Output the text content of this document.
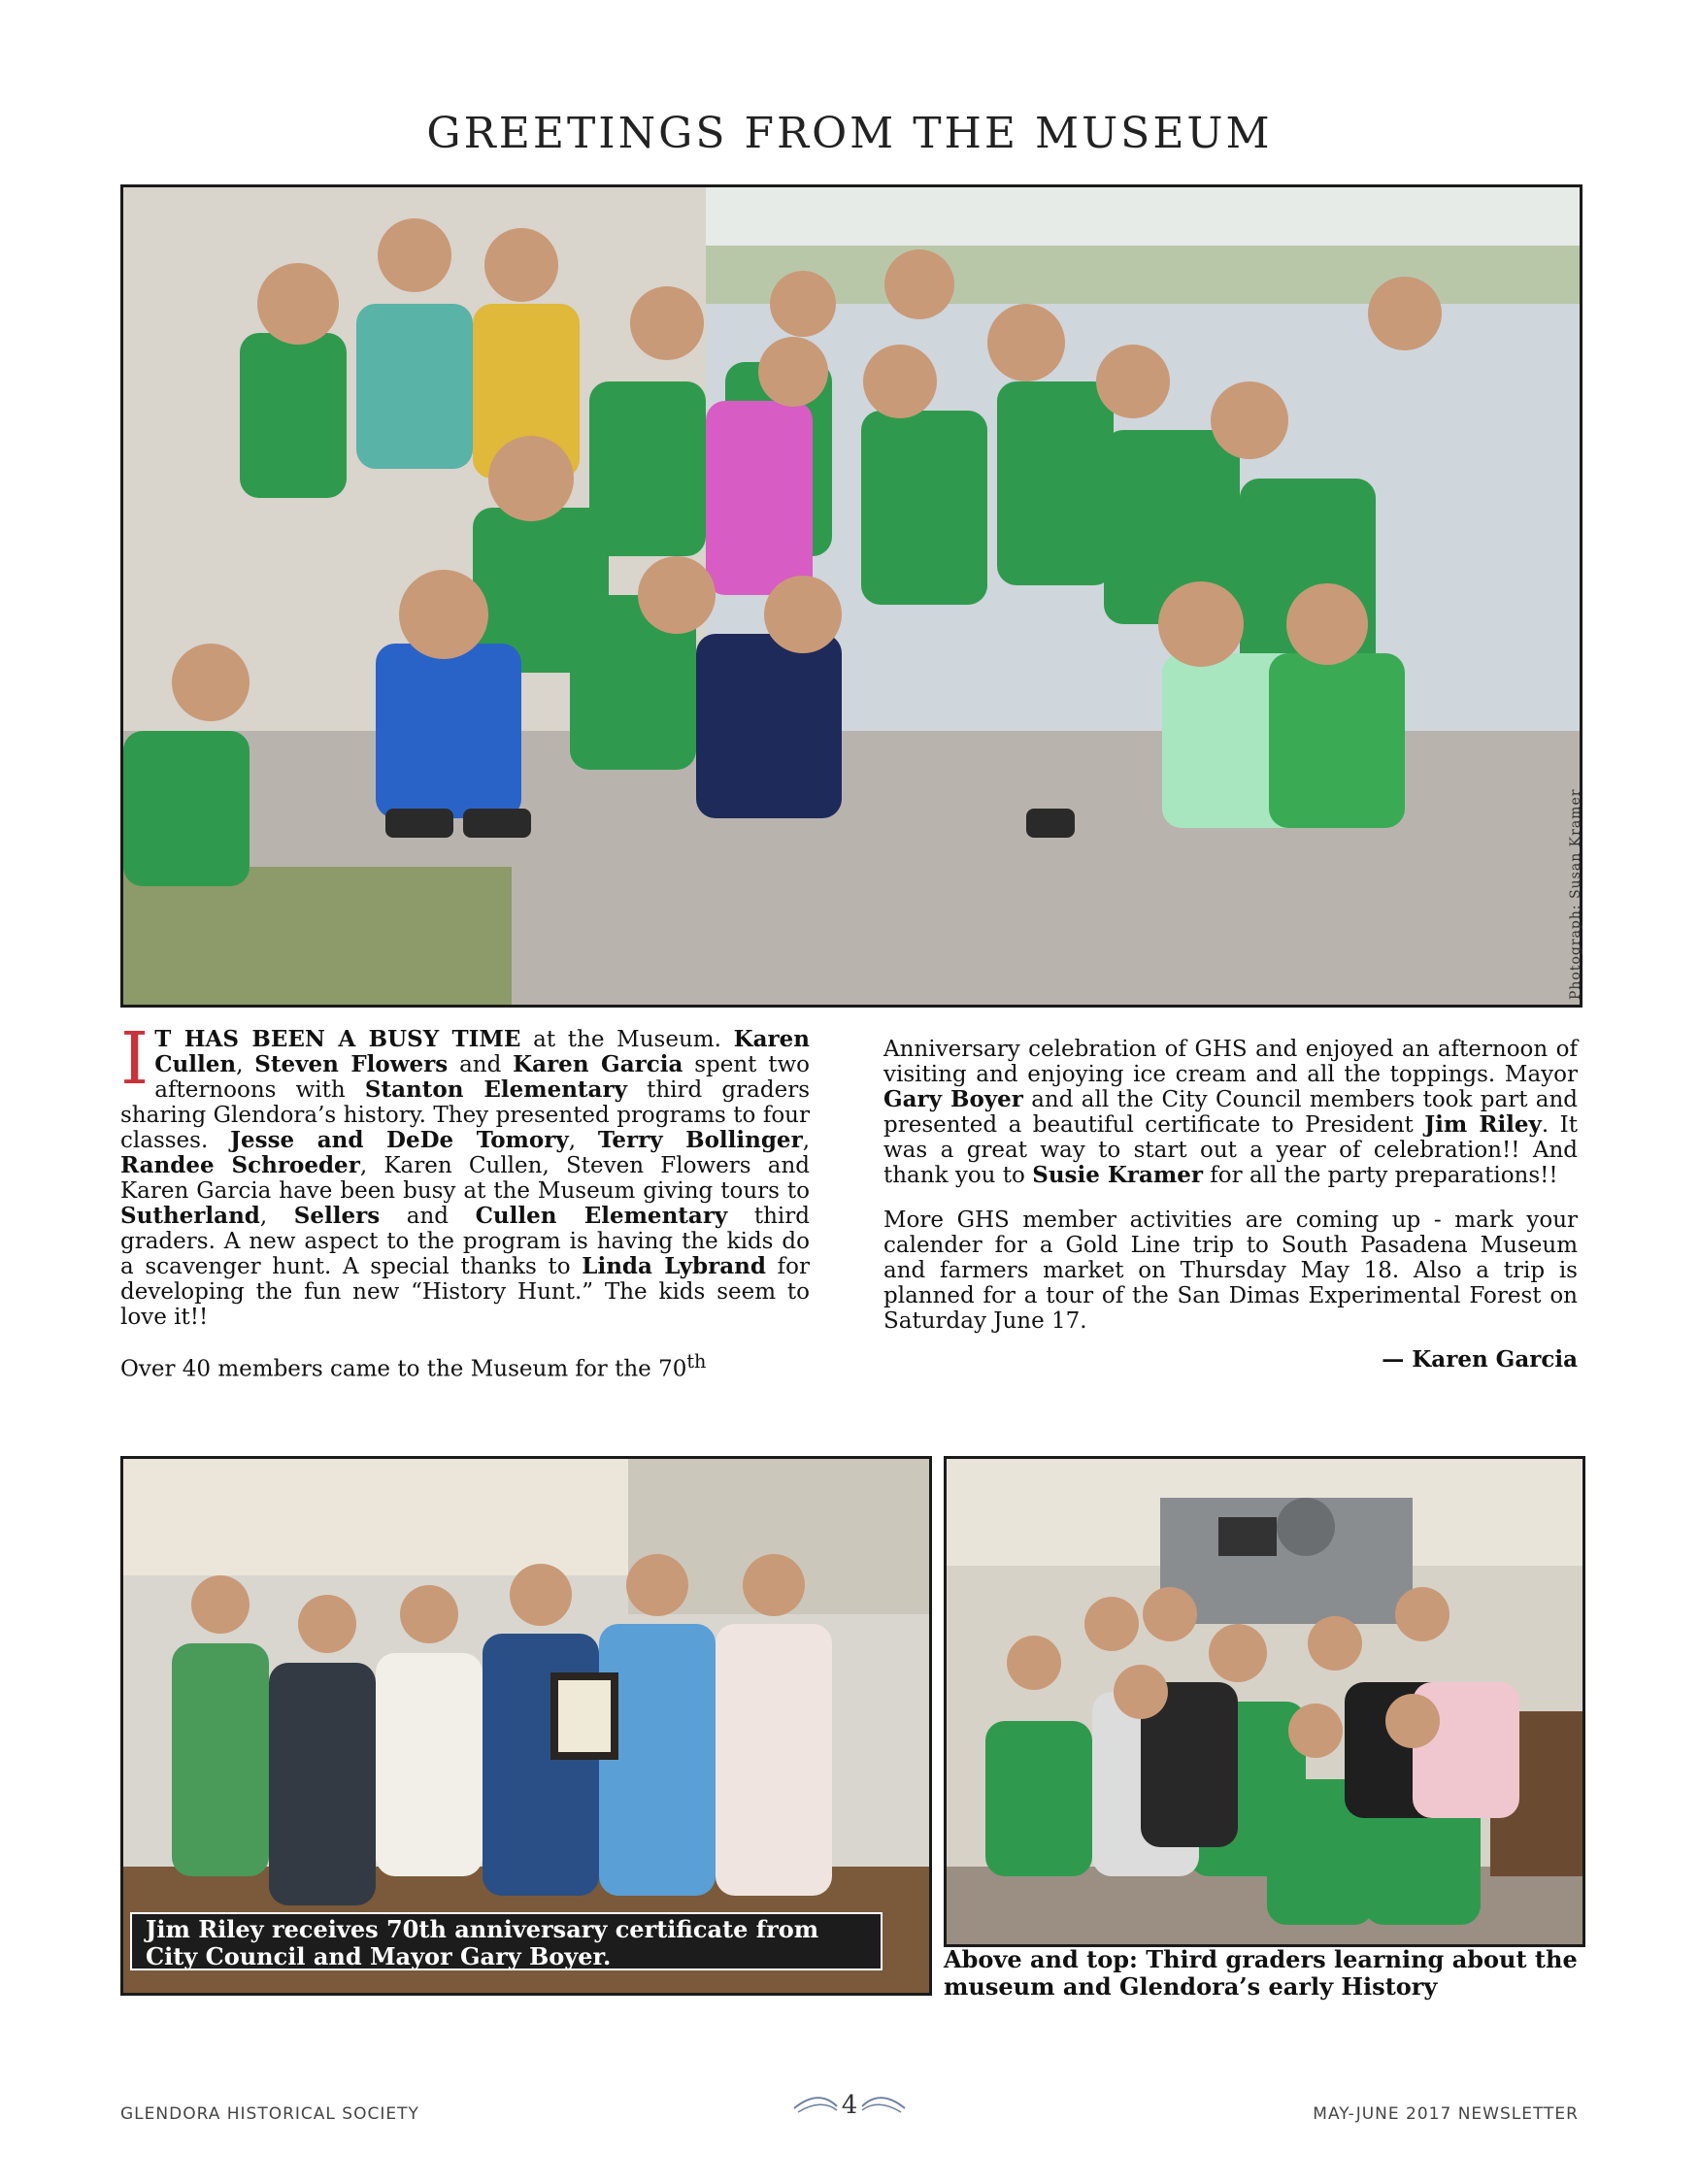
GREETINGS FROM THE MUSEUM
Photograph: Susan Kramer

I T HAS BEEN A BUSY TIME at the Museum. Karen Cullen, Steven Flowers and Karen Garcia spent two afternoons with Stanton Elementary third graders sharing Glendora’s history. They presented programs to four classes. Jesse and DeDe Tomory, Terry Bollinger, Randee Schroeder, Karen Cullen, Steven Flowers and Karen Garcia have been busy at the Museum giving tours to Sutherland, Sellers and Cullen Elementary third graders. A new aspect to the program is having the kids do a scavenger hunt. A special thanks to Linda Lybrand for developing the fun new “History Hunt.” The kids seem to love it!!

Over 40 members came to the Museum for the 70th

Anniversary celebration of GHS and enjoyed an afternoon of visiting and enjoying ice cream and all the toppings. Mayor Gary Boyer and all the City Council members took part and presented a beautiful certificate to President Jim Riley. It was a great way to start out a year of celebration!! And thank you to Susie Kramer for all the party preparations!!

More GHS member activities are coming up - mark your calender for a Gold Line trip to South Pasadena Museum and farmers market on Thursday May 18. Also a trip is planned for a tour of the San Dimas Experimental Forest on Saturday June 17.

— Karen Garcia
Jim Riley receives 70th anniversary certificate from City Council and Mayor Gary Boyer.	Above and top: Third graders learning about the museum and Glendora’s early History
GLENDORA HISTORICAL SOCIETY	4	MAY-JUNE 2017 NEWSLETTER
